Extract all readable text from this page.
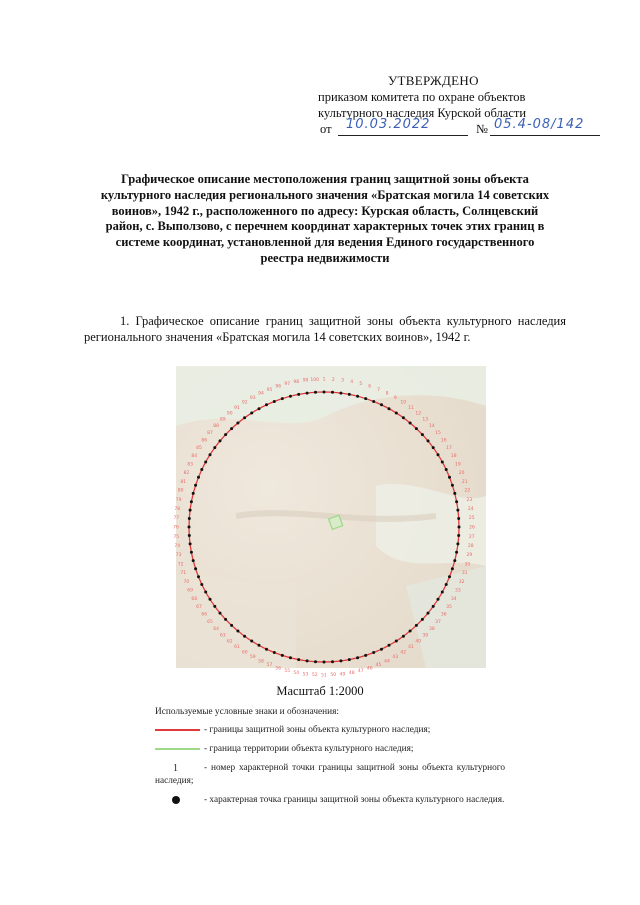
УТВЕРЖДЕНО
приказом комитета по охране объектов
культурного наследия Курской области
от 10.03.2022	№ 05.4-08/142
Графическое описание местоположения границ защитной зоны объекта культурного наследия регионального значения «Братская могила 14 советских воинов», 1942 г., расположенного по адресу: Курская область, Солнцевский район, с. Выползово, с перечнем координат характерных точек этих границ в системе координат, установленной для ведения Единого государственного реестра недвижимости
1. Графическое описание границ защитной зоны объекта культурного наследия регионального значения «Братская могила 14 советских воинов», 1942 г.
1 2 3 4 5
6
7
8
9
10
11
12
13
14
15
16
17
18
19
20
21
22
23
24
25
26
27
28
29
30
31
32
33
34
35
36
37
38
39
40
41
42
43
44
45
46
47
48
49
50
51
52
53
54
55
56
57
58
59
60
61
62
63
64
65
66
67
68
69
70
71
72
73
74
75
76
77
78
79
80
81
82
83
84
85
86
87
88
89
90
91
92
93
94
95
96
97 98 99 100
Масштаб 1:2000
Используемые условные знаки и обозначения:
- границы защитной зоны объекта культурного наследия;
- граница территории объекта культурного наследия;
1	- номер характерной точки границы защитной зоны объекта культурного наследия;
- характерная точка границы защитной зоны объекта культурного наследия.
